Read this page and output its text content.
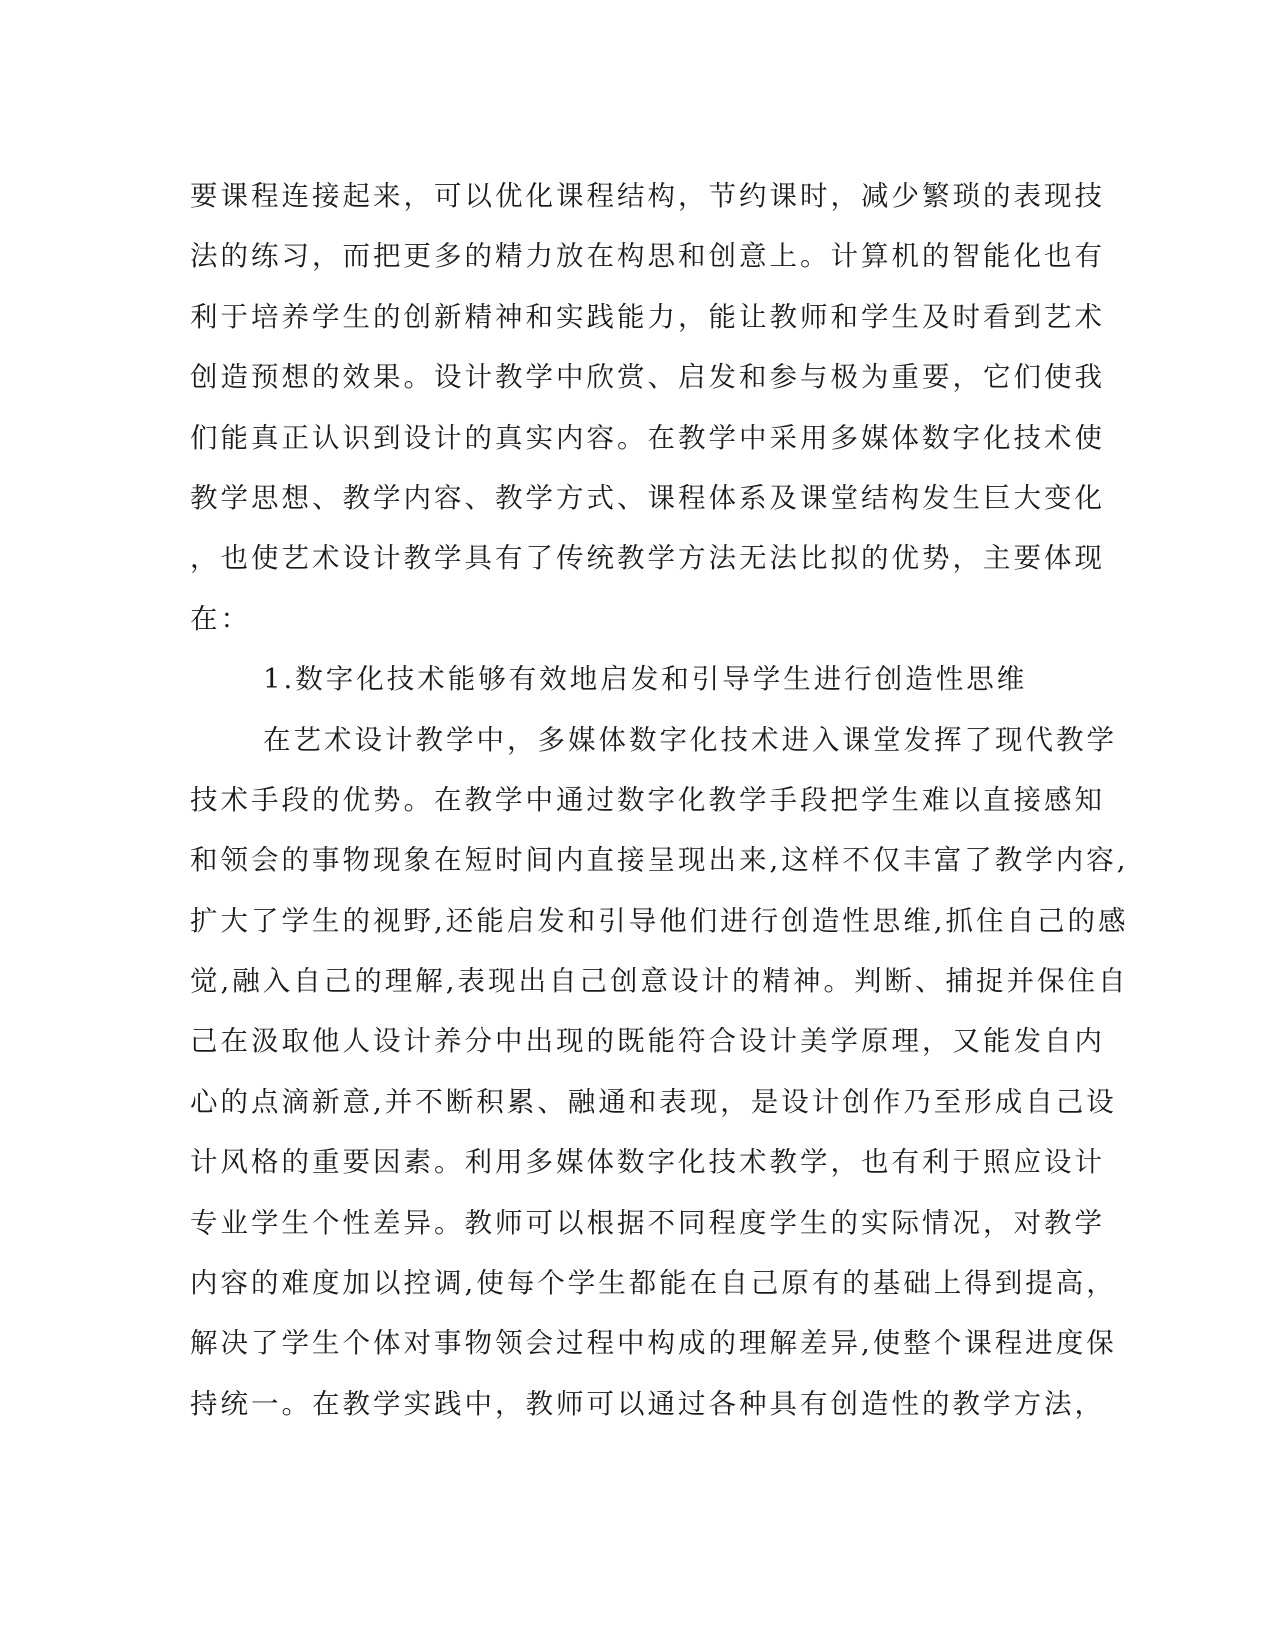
要课程连接起来，可以优化课程结构，节约课时，减少繁琐的表现技
法的练习，而把更多的精力放在构思和创意上。计算机的智能化也有
利于培养学生的创新精神和实践能力，能让教师和学生及时看到艺术
创造预想的效果。设计教学中欣赏、启发和参与极为重要，它们使我
们能真正认识到设计的真实内容。在教学中采用多媒体数字化技术使
教学思想、教学内容、教学方式、课程体系及课堂结构发生巨大变化
，也使艺术设计教学具有了传统教学方法无法比拟的优势，主要体现
在：
1.数字化技术能够有效地启发和引导学生进行创造性思维
在艺术设计教学中，多媒体数字化技术进入课堂发挥了现代教学
技术手段的优势。在教学中通过数字化教学手段把学生难以直接感知
和领会的事物现象在短时间内直接呈现出来,这样不仅丰富了教学内容,
扩大了学生的视野,还能启发和引导他们进行创造性思维,抓住自己的感
觉,融入自己的理解,表现出自己创意设计的精神。判断、捕捉并保住自
己在汲取他人设计养分中出现的既能符合设计美学原理，又能发自内
心的点滴新意,并不断积累、融通和表现，是设计创作乃至形成自己设
计风格的重要因素。利用多媒体数字化技术教学，也有利于照应设计
专业学生个性差异。教师可以根据不同程度学生的实际情况，对教学
内容的难度加以控调,使每个学生都能在自己原有的基础上得到提高，
解决了学生个体对事物领会过程中构成的理解差异,使整个课程进度保
持统一。在教学实践中，教师可以通过各种具有创造性的教学方法，
